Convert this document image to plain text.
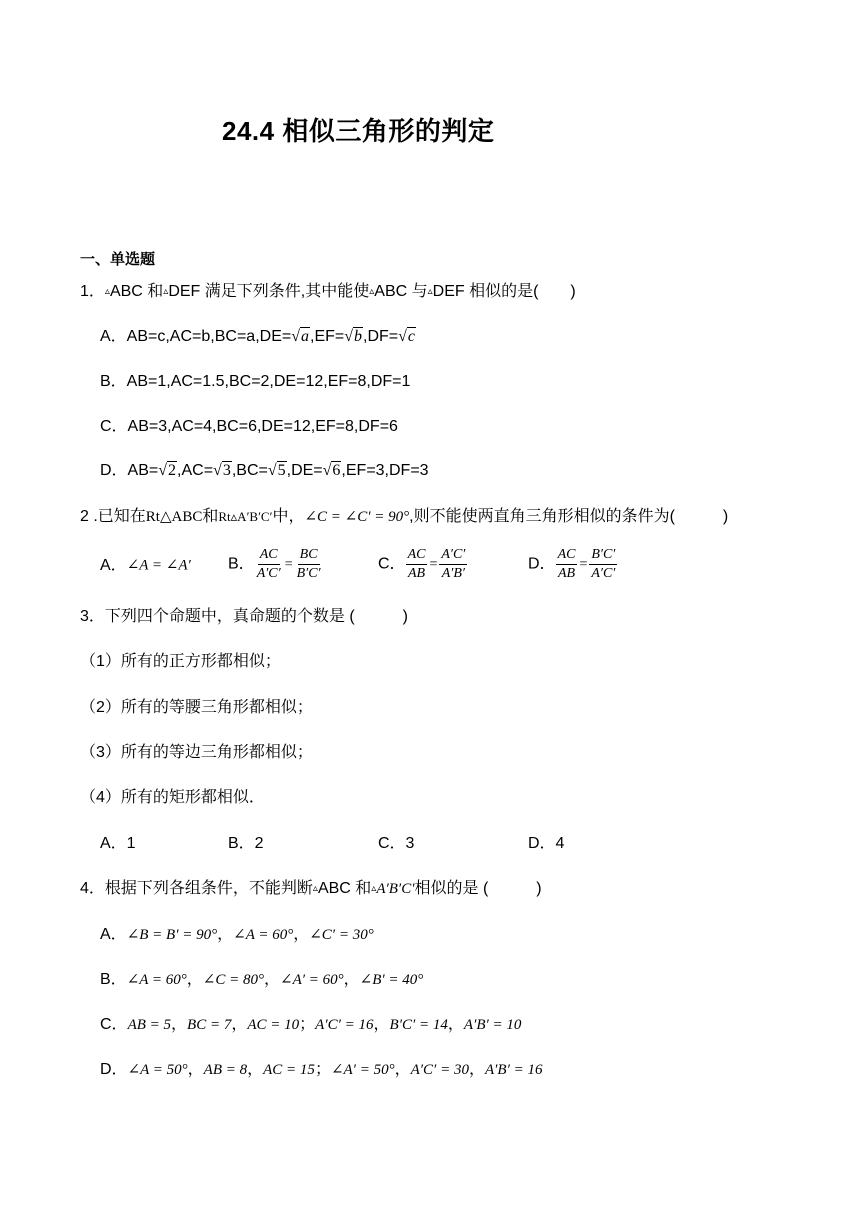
24.4 相似三角形的判定
一、单选题
1．▵ABC 和▵DEF 满足下列条件,其中能使▵ABC 与▵DEF 相似的是(　　)
A．AB=c,AC=b,BC=a,DE=√a,EF=√b,DF=√c
B．AB=1,AC=1.5,BC=2,DE=12,EF=8,DF=1
C．AB=3,AC=4,BC=6,DE=12,EF=8,DF=6
D．AB=√2,AC=√3,BC=√5,DE=√6,EF=3,DF=3
2 .已知在Rt△ABC和Rt▵A′B′C′中，∠C = ∠C′ = 90°,则不能使两直角三角形相似的条件为(　　　)
A．∠A = ∠A′ B． $\frac{AC}{A'C'} = \frac{BC}{B'C'}$	C． $\frac{AC}{AB} = \frac{A'C'}{A'B'}$	D． $\frac{AC}{AB} = \frac{B'C'}{A'C'}$
3．下列四个命题中，真命题的个数是 (　　　)
（1）所有的正方形都相似；
（2）所有的等腰三角形都相似；
（3）所有的等边三角形都相似；
（4）所有的矩形都相似．
A．1	B．2	C．3	D．4
4．根据下列各组条件，不能判断▵ABC 和▵A′B′C′相似的是 (　　　)
A．∠B = B′ = 90°，∠A = 60°，∠C′ = 30°
B．∠A = 60°，∠C = 80°，∠A′ = 60°，∠B′ = 40°
C．AB = 5，BC = 7，AC = 10；A′C′ = 16，B′C′ = 14，A′B′ = 10
D．∠A = 50°，AB = 8，AC = 15；∠A′ = 50°，A′C′ = 30，A′B′ = 16
